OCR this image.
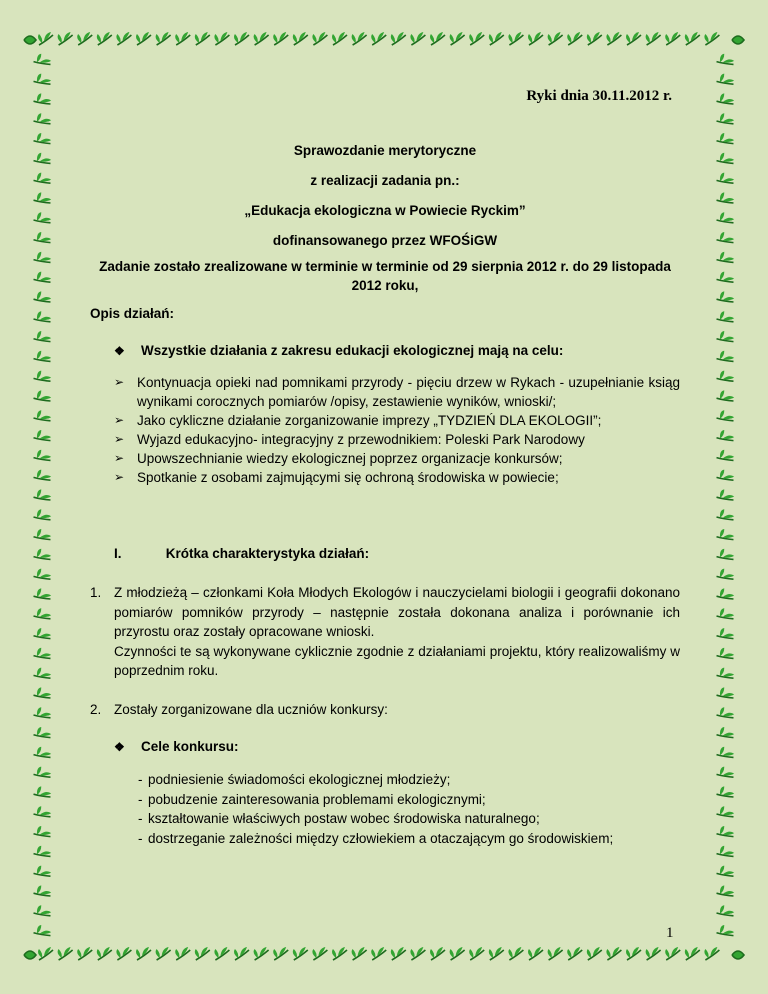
Ryki dnia 30.11.2012 r.
Sprawozdanie merytoryczne
z realizacji zadania pn.:
„Edukacja ekologiczna w Powiecie Ryckim”
dofinansowanego przez WFOŚiGW
Zadanie zostało zrealizowane w terminie w terminie od 29 sierpnia 2012 r. do 29 listopada
2012 roku,
Opis działań:
❖	Wszystkie działania z zakresu edukacji ekologicznej mają na celu:
➢ Kontynuacja opieki nad pomnikami przyrody - pięciu drzew w Rykach - uzupełnianie ksiąg wynikami corocznych pomiarów /opisy, zestawienie wyników, wnioski/;
➢ Jako cykliczne działanie zorganizowanie imprezy „TYDZIEŃ DLA EKOLOGII”;
➢ Wyjazd edukacyjno- integracyjny z przewodnikiem: Poleski Park Narodowy
➢ Upowszechnianie wiedzy ekologicznej poprzez organizacje konkursów;
➢ Spotkanie z osobami zajmującymi się ochroną środowiska w powiecie;
I.	Krótka charakterystyka działań:
1. Z młodzieżą – członkami Koła Młodych Ekologów i nauczycielami biologii i geografii dokonano pomiarów pomników przyrody – następnie została dokonana analiza i porównanie ich przyrostu oraz zostały opracowane wnioski.
Czynności te są wykonywane cyklicznie zgodnie z działaniami projektu, który realizowaliśmy w poprzednim roku.
2. Zostały zorganizowane dla uczniów konkursy:
❖	Cele konkursu:
- podniesienie świadomości ekologicznej młodzieży;
- pobudzenie zainteresowania problemami ekologicznymi;
- kształtowanie właściwych postaw wobec środowiska naturalnego;
- dostrzeganie zależności między człowiekiem a otaczającym go środowiskiem;
1
